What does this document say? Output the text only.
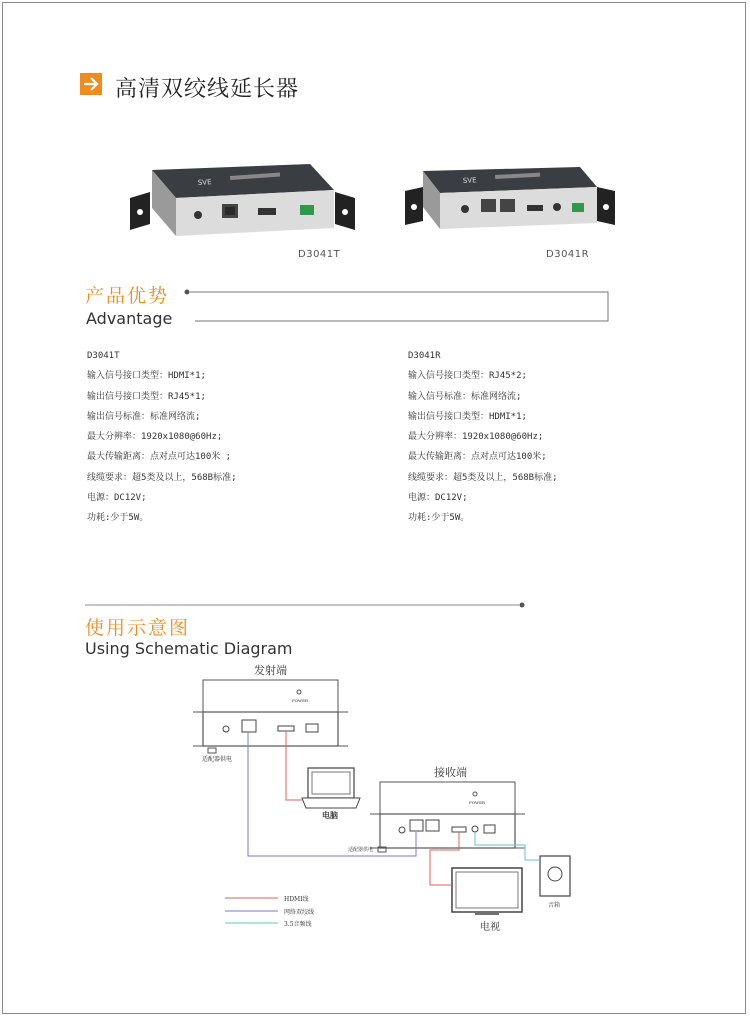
高清双绞线延长器
SVE
D3041T
SVE
D3041R
产品优势
Advantage
D3041T
输入信号接口类型：HDMI*1;
输出信号接口类型：RJ45*1;
输出信号标准：标准网络流;
最大分辨率：1920x1080@60Hz;
最大传输距离：点对点可达100米 ;
线缆要求：超5类及以上，568B标准;
电源：DC12V;
功耗:少于5W。
D3041R
输入信号接口类型：RJ45*2;
输入信号标准：标准网络流;
输出信号接口类型：HDMI*1;
最大分辨率：1920x1080@60Hz;
最大传输距离：点对点可达100米;
线缆要求：超5类及以上，568B标准;
电源：DC12V;
功耗:少于5W。
使用示意图
Using Schematic Diagram
发射端
POWER
接收端
POWER
适配器供电
适配器供电
电脑
电视
音箱
HDMI线
网络双绞线
3.5音频线
